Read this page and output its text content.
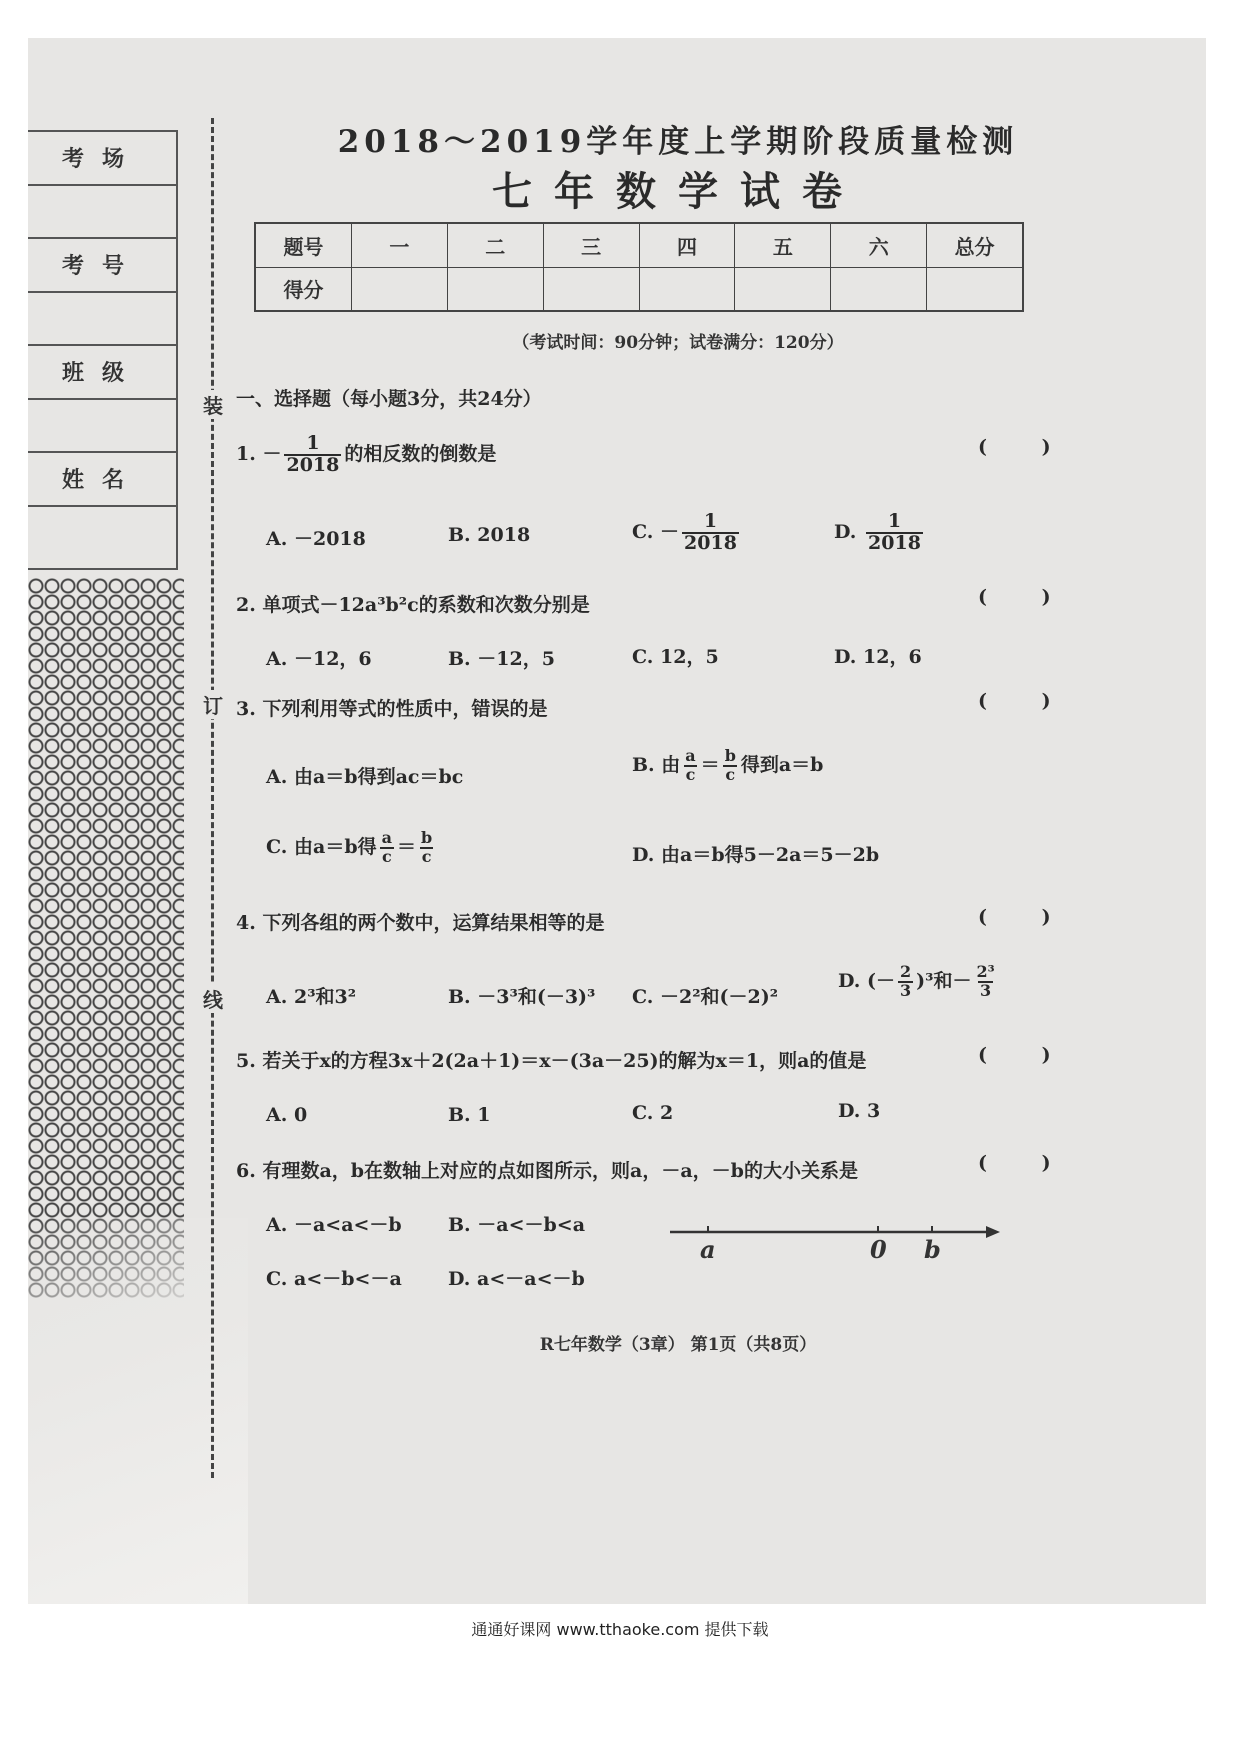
考场
考号
班级
姓名
装
订
线
2018～2019学年度上学期阶段质量检测
七年数学试卷
题号	一	二	三	四	五	六	总分
得分							
（考试时间：90分钟；试卷满分：120分）
一、选择题（每小题3分，共24分）
1. － $\frac{1}{2018}$ 的相反数的倒数是	( )
A. －2018	B. 2018	C. － $\frac{1}{2018}$	D. $\frac{1}{2018}$
2. 单项式－12a³b²c的系数和次数分别是	( )
A. －12，6	B. －12，5	C. 12，5	D. 12，6
3. 下列利用等式的性质中，错误的是	( )
A. 由a＝b得到ac＝bc
B. 由 $\frac{a}{c} = \frac{b}{c}$ 得到a＝b
C. 由a＝b得 $\frac{a}{c} = \frac{b}{c}$	D. 由a＝b得5－2a＝5－2b
4. 下列各组的两个数中，运算结果相等的是	( )
A. 2³和3²	B. －3³和(－3)³ C. －2²和(－2)²
D. (－ $\frac{2}{3} )^3$和－ $\frac{\text{2³}}{3}$
5. 若关于x的方程3x＋2(2a＋1)＝x－(3a－25)的解为x＝1，则a的值是	( )
A. 0	B. 1	C. 2	D. 3
6. 有理数a，b在数轴上对应的点如图所示，则a，－a，－b的大小关系是	( )
A. －a<a<－b B. －a<－b<a
C. a<－b<－a D. a<－a<－b
a	0 b
R七年数学（3章） 第1页（共8页）
通通好课网 www.tthaoke.com 提供下载
